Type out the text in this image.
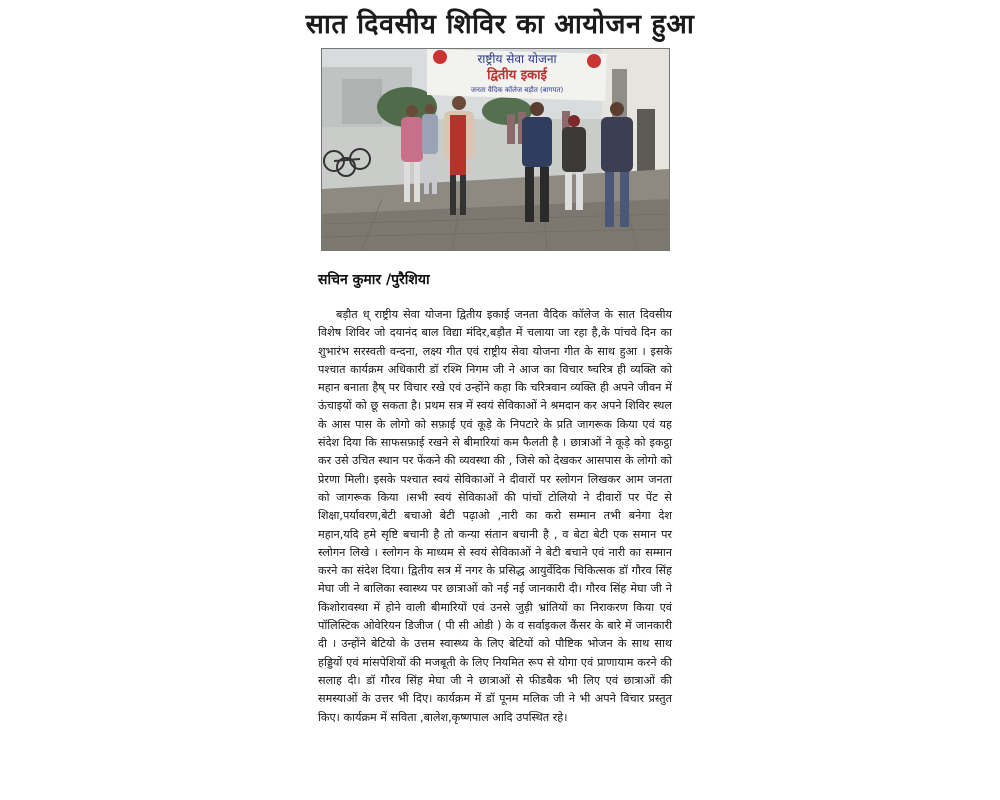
सात दिवसीय शिविर का आयोजन हुआ
राष्ट्रीय सेवा योजना
द्वितीय इकाई
जनता वैदिक कॉलेज बड़ौत (बागपत)
सचिन कुमार /पुरैशिया
बड़ौत ध् राष्ट्रीय सेवा योजना द्वितीय इकाई जनता वैदिक कॉलेज के सात दिवसीय विशेष शिविर जो दयानंद बाल विद्या मंदिर,बड़ौत में चलाया जा रहा है,के पांचवे दिन का शुभारंभ सरस्वती वन्दना, लक्ष्य गीत एवं राष्ट्रीय सेवा योजना गीत के साथ हुआ । इसके पश्चात कार्यक्रम अधिकारी डॉ रश्मि निगम जी ने आज का विचार ष्चरित्र ही व्यक्ति को महान बनाता हैष् पर विचार रखे एवं उन्होंने कहा कि चरित्रवान व्यक्ति ही अपने जीवन में ऊंचाइयों को छू सकता है। प्रथम सत्र में स्वयं सेविकाओं ने श्रमदान कर अपने शिविर स्थल के आस पास के लोगो को सफ़ाई एवं कूड़े के निपटारे के प्रति जागरूक किया एवं यह संदेश दिया कि साफसफ़ाई रखने से बीमारियां कम फैलती है । छात्राओं ने कूड़े को इकट्ठा कर उसे उचित स्थान पर फेंकने की व्यवस्था की , जिसे को देखकर आसपास के लोगो को प्रेरणा मिली। इसके पश्चात स्वयं सेविकाओं ने दीवारों पर स्लोगन लिखकर आम जनता को जागरूक किया ।सभी स्वयं सेविकाओं की पांचों टोलियो ने दीवारों पर पेंट से शिक्षा,पर्यावरण,बेटी बचाओ बेटी पढ़ाओ ,नारी का करो सम्मान तभी बनेगा देश महान,यदि हमे सृष्टि बचानी है तो कन्या संतान बचानी है , व बेटा बेटी एक समान पर स्लोगन लिखे । स्लोगन के माध्यम से स्वयं सेविकाओं ने बेटी बचाने एवं नारी का सम्मान करने का संदेश दिया। द्वितीय सत्र में नगर के प्रसिद्ध आयुर्वेदिक चिकित्सक डॉ गौरव सिंह मेघा जी ने बालिका स्वास्थ्य पर छात्राओं को नई नई जानकारी दी। गौरव सिंह मेघा जी ने किशोरावस्था में होने वाली बीमारियों एवं उनसे जुड़ी भ्रांतियों का निराकरण किया एवं पॉलिस्टिक ओवेरियन डिजीज ( पी सी ओडी ) के व सर्वाइकल कैंसर के बारे में जानकारी दी । उन्होंने बेटियो के उत्तम स्वास्थ्य के लिए बेटियों को पौष्टिक भोजन के साथ साथ हड्डियों एवं मांसपेशियों की मजबूती के लिए नियमित रूप से योगा एवं प्राणायाम करने की सलाह दी। डॉ गौरव सिंह मेघा जी ने छात्राओं से फीडबैक भी लिए एवं छात्राओं की समस्याओं के उत्तर भी दिए। कार्यक्रम में डॉ पूनम मलिक जी ने भी अपने विचार प्रस्तुत किए। कार्यक्रम में सविता ,बालेश,कृष्णपाल आदि उपस्थित रहे।
